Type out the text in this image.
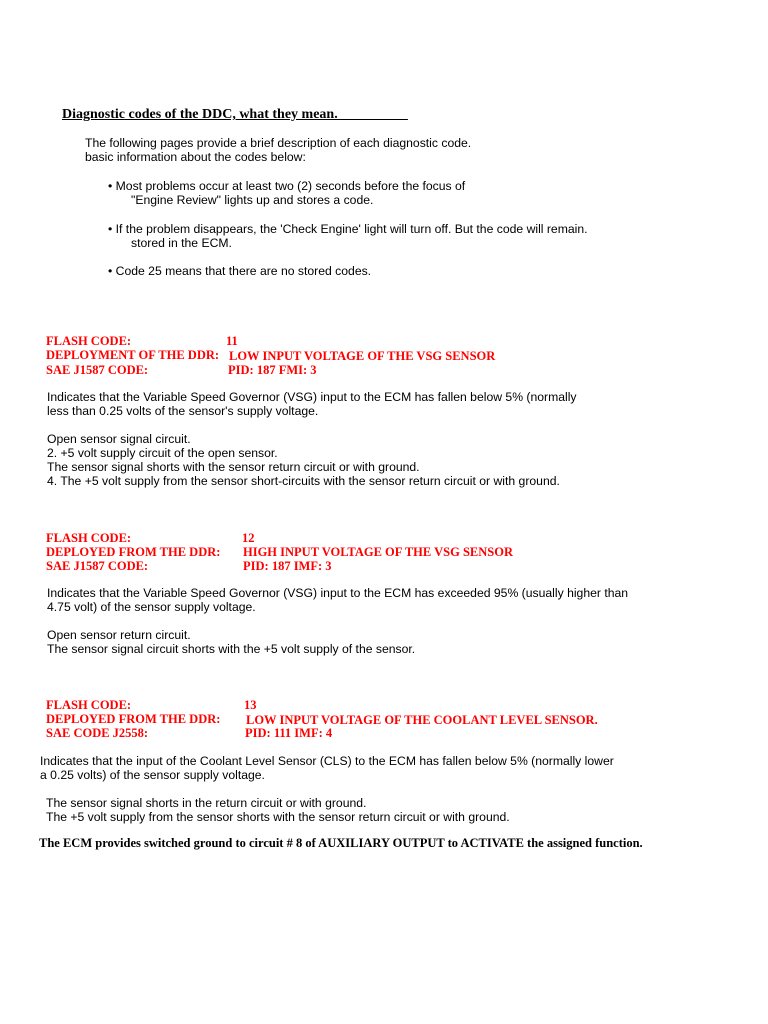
Diagnostic codes of the DDC, what they mean.__________
The following pages provide a brief description of each diagnostic code.
basic information about the codes below:
• Most problems occur at least two (2) seconds before the focus of
"Engine Review" lights up and stores a code.
• If the problem disappears, the 'Check Engine' light will turn off. But the code will remain.
stored in the ECM.
• Code 25 means that there are no stored codes.
FLASH CODE:	11
DEPLOYMENT OF THE DDR: LOW INPUT VOLTAGE OF THE VSG SENSOR
SAE J1587 CODE:	PID: 187 FMI: 3
Indicates that the Variable Speed Governor (VSG) input to the ECM has fallen below 5% (normally
less than 0.25 volts of the sensor's supply voltage.
Open sensor signal circuit.
2. +5 volt supply circuit of the open sensor.
The sensor signal shorts with the sensor return circuit or with ground.
4. The +5 volt supply from the sensor short-circuits with the sensor return circuit or with ground.
FLASH CODE:	12
DEPLOYED FROM THE DDR: HIGH INPUT VOLTAGE OF THE VSG SENSOR
SAE J1587 CODE:	PID: 187 IMF: 3
Indicates that the Variable Speed Governor (VSG) input to the ECM has exceeded 95% (usually higher than
4.75 volt) of the sensor supply voltage.
Open sensor return circuit.
The sensor signal circuit shorts with the +5 volt supply of the sensor.
FLASH CODE:	13
DEPLOYED FROM THE DDR: LOW INPUT VOLTAGE OF THE COOLANT LEVEL SENSOR.
SAE CODE J2558:	PID: 111 IMF: 4
Indicates that the input of the Coolant Level Sensor (CLS) to the ECM has fallen below 5% (normally lower
a 0.25 volts) of the sensor supply voltage.
The sensor signal shorts in the return circuit or with ground.
The +5 volt supply from the sensor shorts with the sensor return circuit or with ground.
The ECM provides switched ground to circuit # 8 of AUXILIARY OUTPUT to ACTIVATE the assigned function.
